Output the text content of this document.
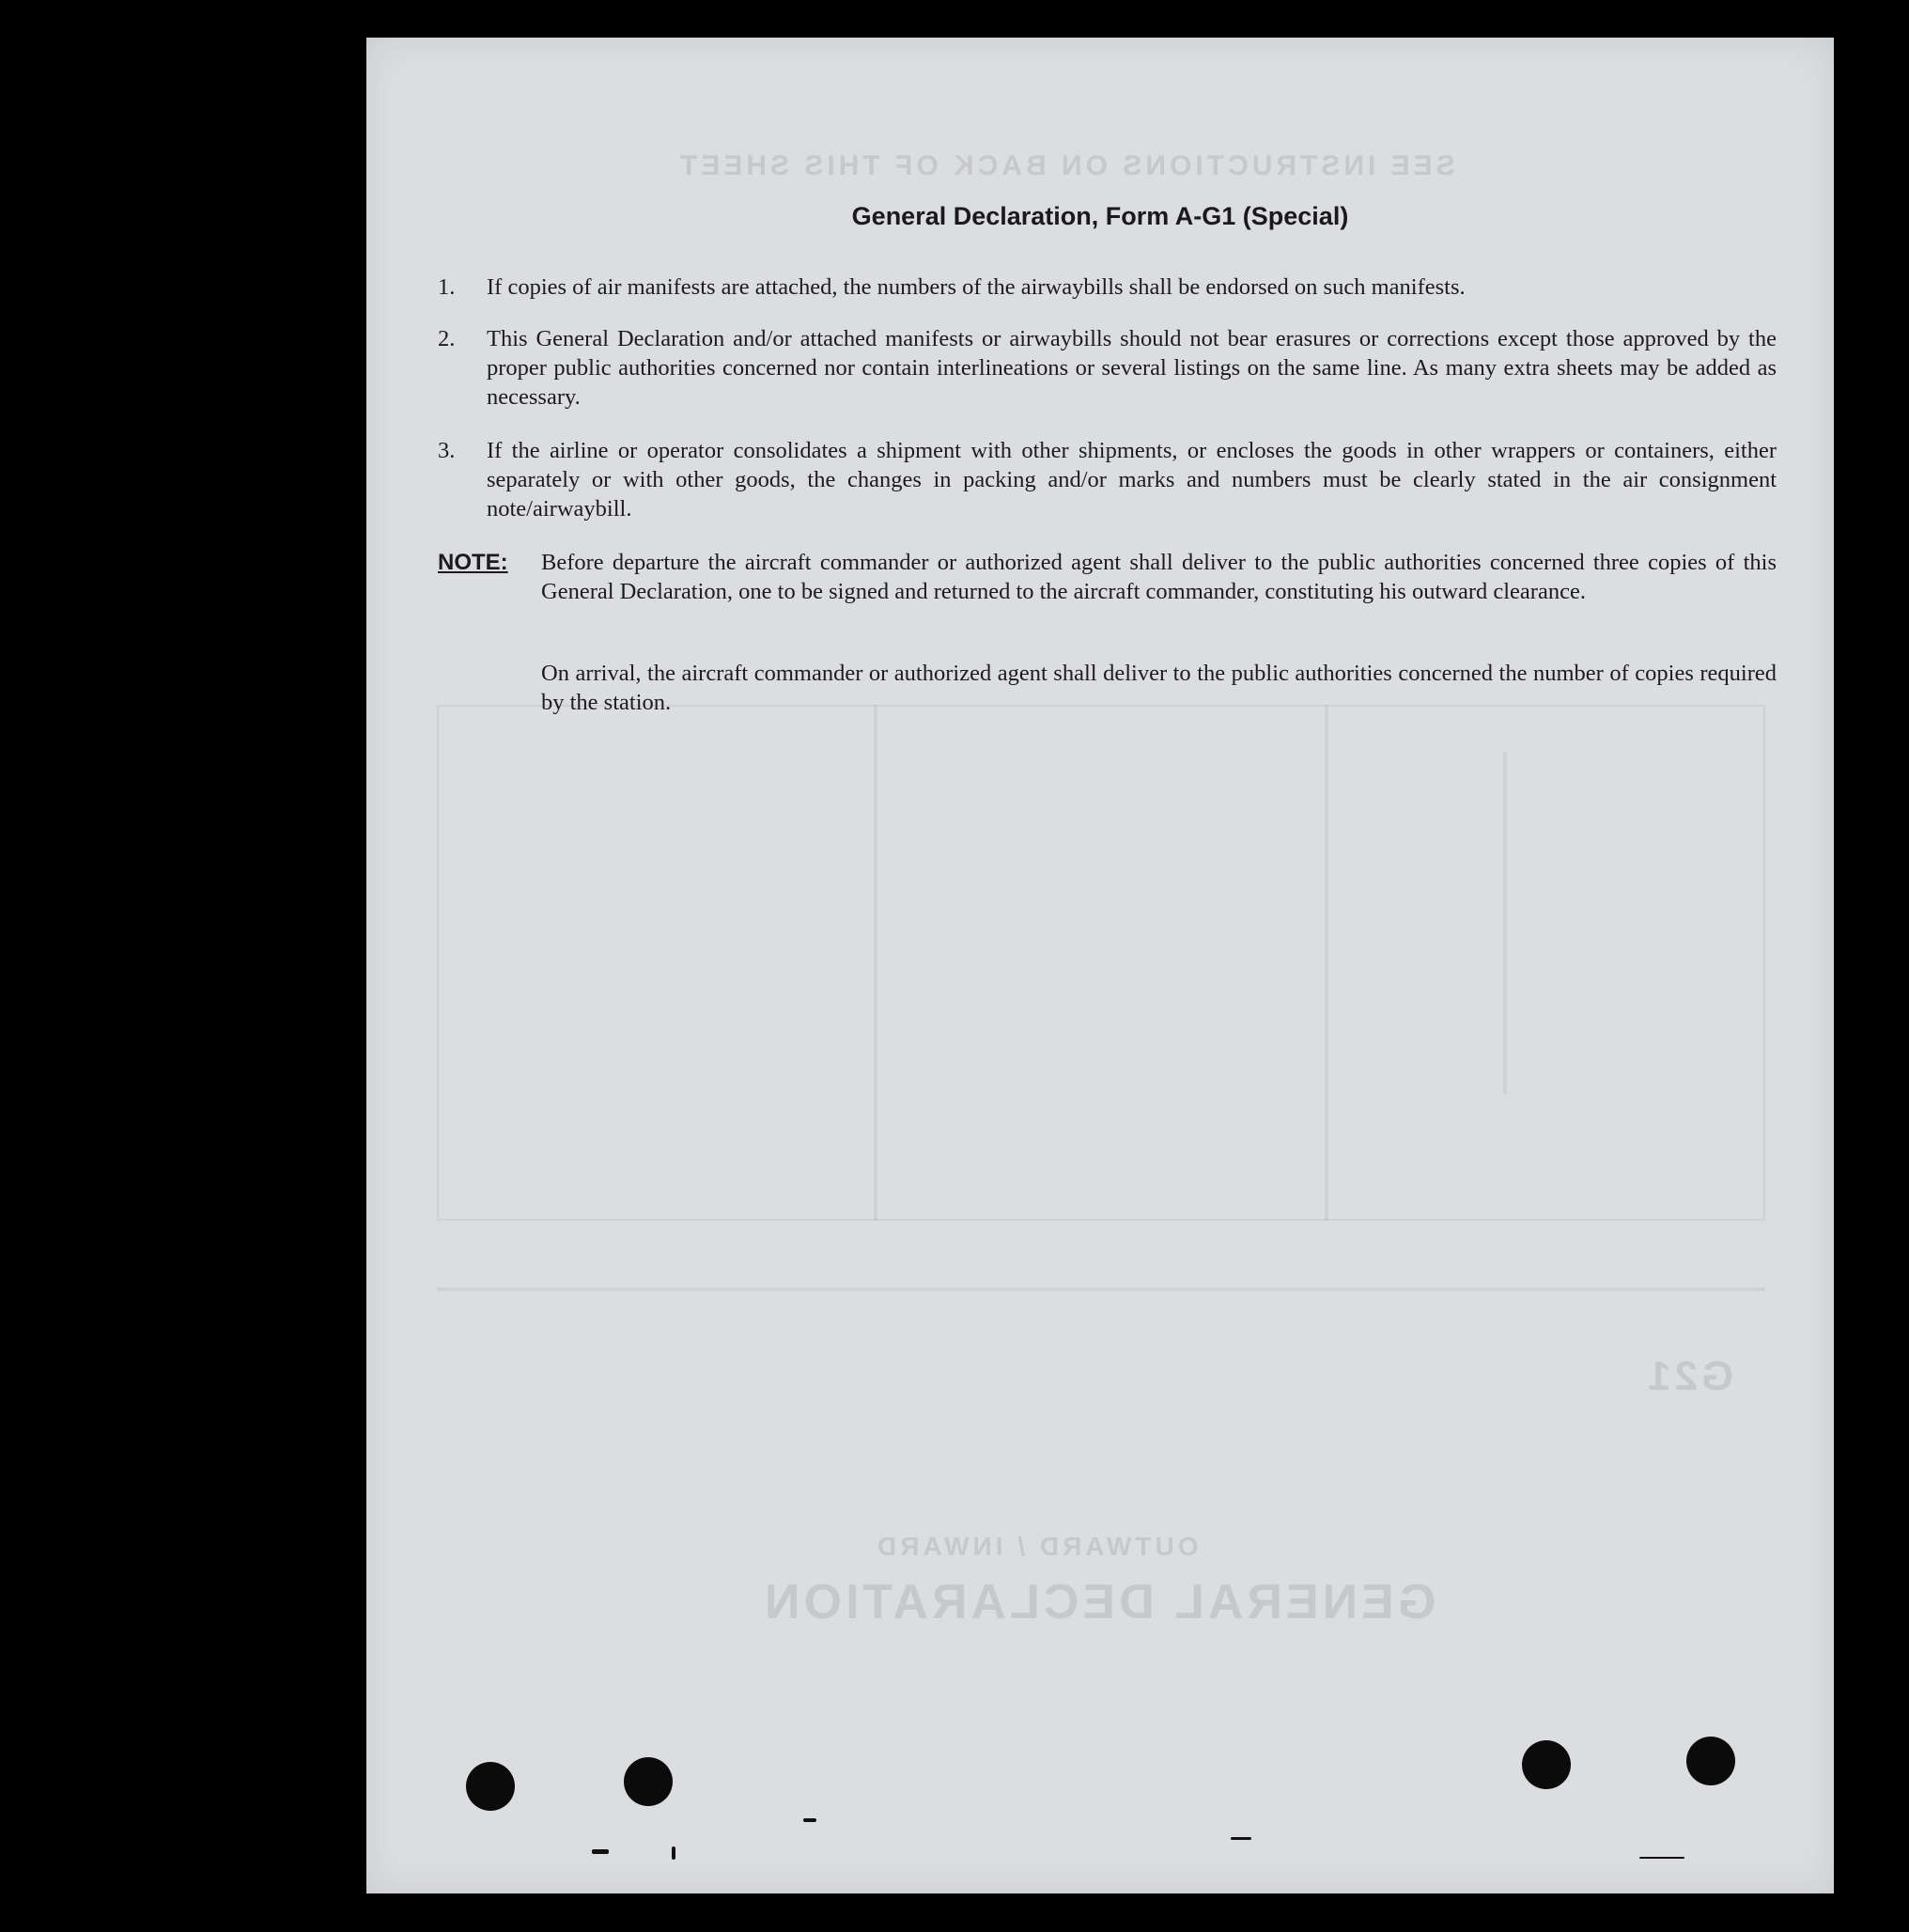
SEE INSTRUCTIONS ON BACK OF THIS SHEET
GENERAL DECLARATION
OUTWARD / INWARD
G21
General Declaration, Form A-G1 (Special)
1.	If copies of air manifests are attached, the numbers of the airwaybills shall be endorsed on such manifests.
2.	This General Declaration and/or attached manifests or airwaybills should not bear erasures or corrections except those approved by the proper public authorities concerned nor contain interlineations or several listings on the same line. As many extra sheets may be added as necessary.
3.	If the airline or operator consolidates a shipment with other shipments, or encloses the goods in other wrappers or containers, either separately or with other goods, the changes in packing and/or marks and numbers must be clearly stated in the air consignment note/airwaybill.
NOTE: Before departure the aircraft commander or authorized agent shall deliver to the public authorities concerned three copies of this General Declaration, one to be signed and returned to the aircraft commander, constituting his outward clearance.
On arrival, the aircraft commander or authorized agent shall deliver to the public authorities concerned the number of copies required by the station.
